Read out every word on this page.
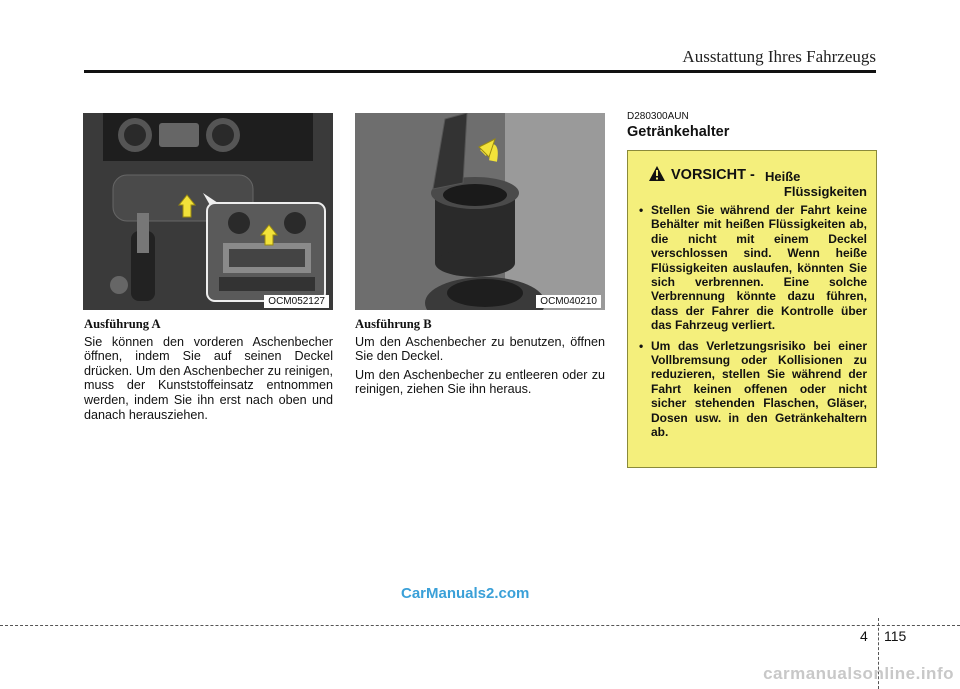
Ausstattung Ihres Fahrzeugs
OCM052127	OCM040210
Ausführung A

Sie können den vorderen Aschenbecher öffnen, indem Sie auf seinen Deckel drücken. Um den Aschenbecher zu reinigen, muss der Kunststoffeinsatz entnommen werden, indem Sie ihn erst nach oben und danach herausziehen.

Ausführung B

Um den Aschenbecher zu benutzen, öffnen Sie den Deckel.

Um den Aschenbecher zu entleeren oder zu reinigen, ziehen Sie ihn heraus.

D280300AUN
Getränkehalter
VORSICHT - Heiße
Flüssigkeiten
• Stellen Sie während der Fahrt keine Behälter mit heißen Flüssigkeiten ab, die nicht mit einem Deckel verschlossen sind. Wenn heiße Flüssigkeiten auslaufen, könnten Sie sich verbrennen. Eine solche Verbrennung könnte dazu führen, dass der Fahrer die Kontrolle über das Fahrzeug verliert.
• Um das Verletzungsrisiko bei einer Vollbremsung oder Kollisionen zu reduzieren, stellen Sie während der Fahrt keinen offenen oder nicht sicher stehenden Flaschen, Gläser, Dosen usw. in den Getränkehaltern ab.
CarManuals2.com
4 115
carmanualsonline.info
